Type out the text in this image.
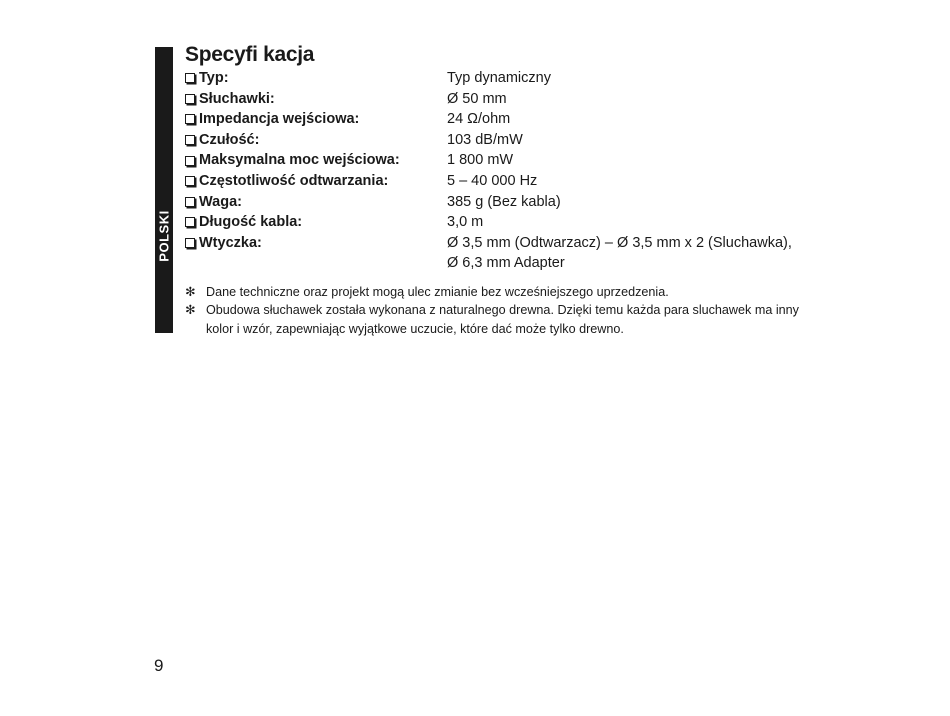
POLSKI
Specyfi kacja
Typ:	Typ dynamiczny
Słuchawki:	Ø 50 mm
Impedancja wejściowa:	24 Ω/ohm
Czułość:	103 dB/mW
Maksymalna moc wejściowa:	1 800 mW
Częstotliwość odtwarzania:	5 – 40 000 Hz
Waga:	385 g (Bez kabla)
Długość kabla:	3,0 m
Wtyczka:	Ø 3,5 mm (Odtwarzacz) – Ø 3,5 mm x 2 (Sluchawka),
Ø 6,3 mm Adapter
✻ Dane techniczne oraz projekt mogą ulec zmianie bez wcześniejszego uprzedzenia.
✻ Obudowa słuchawek została wykonana z naturalnego drewna. Dzięki temu każda para sluchawek ma inny kolor i wzór, zapewniając wyjątkowe uczucie, które dać może tylko drewno.
9
